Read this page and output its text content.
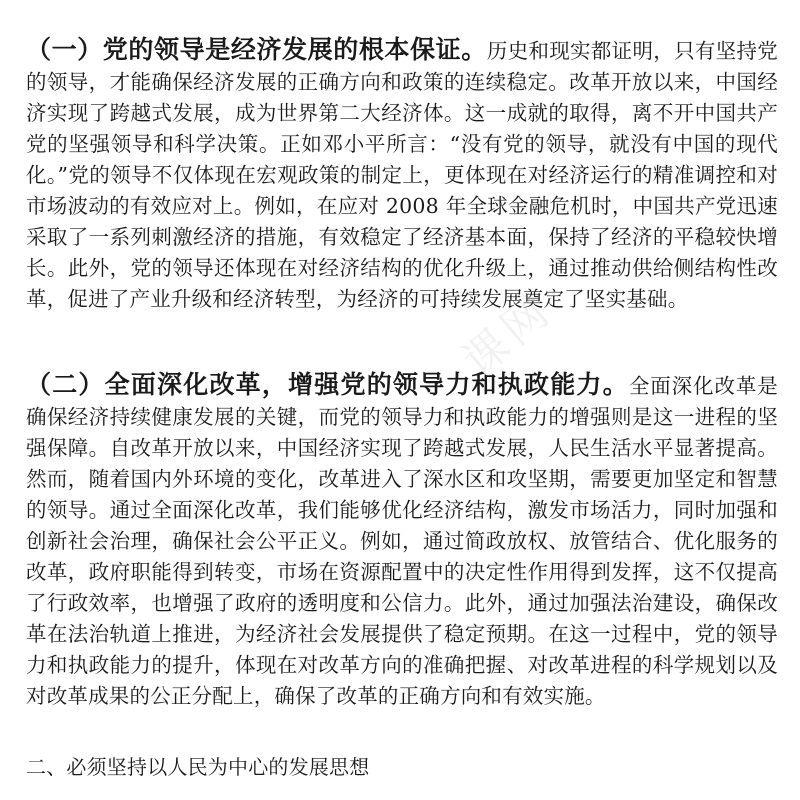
（一）党的领导是经济发展的根本保证。历史和现实都证明，只有坚持党的领导，才能确保经济发展的正确方向和政策的连续稳定。改革开放以来，中国经济实现了跨越式发展，成为世界第二大经济体。这一成就的取得，离不开中国共产党的坚强领导和科学决策。正如邓小平所言：“没有党的领导，就没有中国的现代化。”党的领导不仅体现在宏观政策的制定上，更体现在对经济运行的精准调控和对市场波动的有效应对上。例如，在应对 2008 年全球金融危机时，中国共产党迅速采取了一系列刺激经济的措施，有效稳定了经济基本面，保持了经济的平稳较快增长。此外，党的领导还体现在对经济结构的优化升级上，通过推动供给侧结构性改革，促进了产业升级和经济转型，为经济的可持续发展奠定了坚实基础。

（二）全面深化改革，增强党的领导力和执政能力。全面深化改革是确保经济持续健康发展的关键，而党的领导力和执政能力的增强则是这一进程的坚强保障。自改革开放以来，中国经济实现了跨越式发展，人民生活水平显著提高。然而，随着国内外环境的变化，改革进入了深水区和攻坚期，需要更加坚定和智慧的领导。通过全面深化改革，我们能够优化经济结构，激发市场活力，同时加强和创新社会治理，确保社会公平正义。例如，通过简政放权、放管结合、优化服务的改革，政府职能得到转变，市场在资源配置中的决定性作用得到发挥，这不仅提高了行政效率，也增强了政府的透明度和公信力。此外，通过加强法治建设，确保改革在法治轨道上推进，为经济社会发展提供了稳定预期。在这一过程中，党的领导力和执政能力的提升，体现在对改革方向的准确把握、对改革进程的科学规划以及对改革成果的公正分配上，确保了改革的正确方向和有效实施。

二、必须坚持以人民为中心的发展思想

课网
